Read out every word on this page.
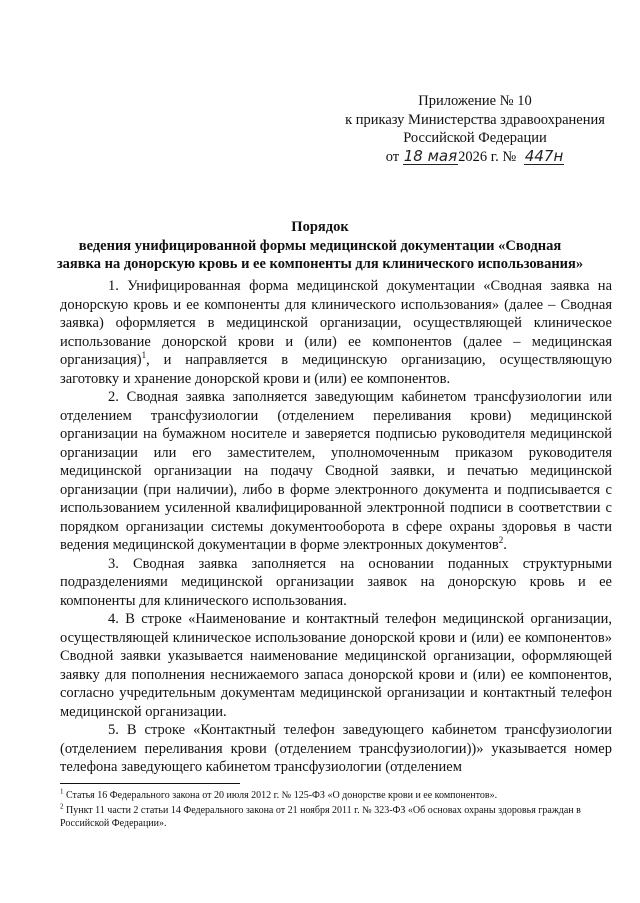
Приложение № 10
к приказу Министерства здравоохранения
Российской Федерации
от 18 мая2026 г. № 447н
Порядок
ведения унифицированной формы медицинской документации «Сводная
заявка на донорскую кровь и ее компоненты для клинического использования»

1. Унифицированная форма медицинской документации «Сводная заявка на донорскую кровь и ее компоненты для клинического использования» (далее – Сводная заявка) оформляется в медицинской организации, осуществляющей клиническое использование донорской крови и (или) ее компонентов (далее – медицинская организация)$^1$, и направляется в медицинскую организацию, осуществляющую заготовку и хранение донорской крови и (или) ее компонентов.

2. Сводная заявка заполняется заведующим кабинетом трансфузиологии или отделением трансфузиологии (отделением переливания крови) медицинской организации на бумажном носителе и заверяется подписью руководителя медицинской организации или его заместителем, уполномоченным приказом руководителя медицинской организации на подачу Сводной заявки, и печатью медицинской организации (при наличии), либо в форме электронного документа и подписывается с использованием усиленной квалифицированной электронной подписи в соответствии с порядком организации системы документооборота в сфере охраны здоровья в части ведения медицинской документации в форме электронных документов$^2$.

3. Сводная заявка заполняется на основании поданных структурными подразделениями медицинской организации заявок на донорскую кровь и ее компоненты для клинического использования.

4. В строке «Наименование и контактный телефон медицинской организации, осуществляющей клиническое использование донорской крови и (или) ее компонентов» Сводной заявки указывается наименование медицинской организации, оформляющей заявку для пополнения неснижаемого запаса донорской крови и (или) ее компонентов, согласно учредительным документам медицинской организации и контактный телефон медицинской организации.

5. В строке «Контактный телефон заведующего кабинетом трансфузиологии (отделением переливания крови (отделением трансфузиологии))» указывается номер телефона заведующего кабинетом трансфузиологии (отделением

$^1$ Статья 16 Федерального закона от 20 июля 2012 г. № 125-ФЗ «О донорстве крови и ее компонентов».

$^2$ Пункт 11 части 2 статьи 14 Федерального закона от 21 ноября 2011 г. № 323-ФЗ «Об основах охраны здоровья граждан в Российской Федерации».
